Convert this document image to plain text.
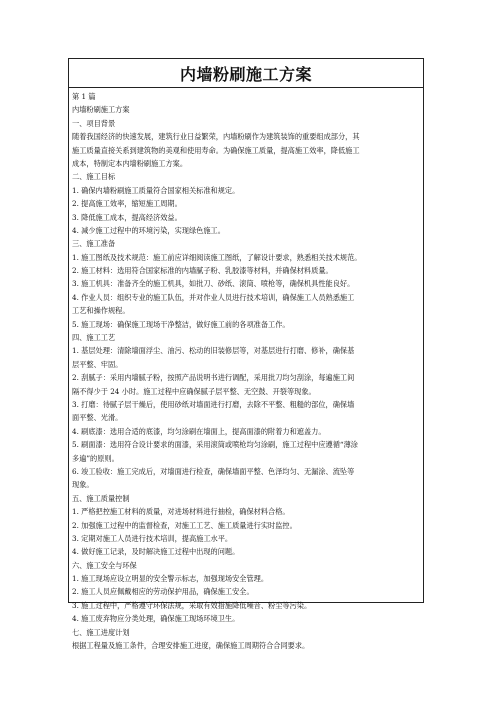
内墙粉刷施工方案

第 1 篇

内墙粉刷施工方案

一、项目背景

随着我国经济的快速发展，建筑行业日益繁荣，内墙粉刷作为建筑装饰的重要组成部分，其

施工质量直接关系到建筑物的美观和使用寿命。为确保施工质量，提高施工效率，降低施工

成本，特制定本内墙粉刷施工方案。

二、施工目标

1. 确保内墙粉刷施工质量符合国家相关标准和规定。

2. 提高施工效率，缩短施工周期。

3. 降低施工成本，提高经济效益。

4. 减少施工过程中的环境污染，实现绿色施工。

三、施工准备

1. 施工图纸及技术规范：施工前应详细阅读施工图纸，了解设计要求，熟悉相关技术规范。

2. 施工材料：选用符合国家标准的内墙腻子粉、乳胶漆等材料，并确保材料质量。

3. 施工机具：准备齐全的施工机具，如批刀、砂纸、滚筒、喷枪等，确保机具性能良好。

4. 作业人员：组织专业的施工队伍，并对作业人员进行技术培训，确保施工人员熟悉施工

工艺和操作规程。

5. 施工现场：确保施工现场干净整洁，做好施工前的各项准备工作。

四、施工工艺

1. 基层处理：清除墙面浮尘、油污、松动的旧装修层等，对基层进行打磨、修补，确保基

层平整、牢固。

2. 刮腻子：采用内墙腻子粉，按照产品说明书进行调配，采用批刀均匀刮涂，每遍施工间

隔不得少于 24 小时。施工过程中应确保腻子层平整、无空鼓、开裂等现象。

3. 打磨：待腻子层干燥后，使用砂纸对墙面进行打磨，去除不平整、粗糙的部位，确保墙

面平整、光滑。

4. 刷底漆：选用合适的底漆，均匀涂刷在墙面上，提高面漆的附着力和遮盖力。

5. 刷面漆：选用符合设计要求的面漆，采用滚筒或喷枪均匀涂刷，施工过程中应遵循“薄涂

多遍”的原则。

6. 竣工验收：施工完成后，对墙面进行检查，确保墙面平整、色泽均匀、无漏涂、流坠等

现象。

五、施工质量控制

1. 严格把控施工材料的质量，对进场材料进行抽检，确保材料合格。

2. 加强施工过程中的监督检查，对施工工艺、施工质量进行实时监控。

3. 定期对施工人员进行技术培训，提高施工水平。

4. 做好施工记录，及时解决施工过程中出现的问题。

六、施工安全与环保

1. 施工现场应设立明显的安全警示标志，加强现场安全管理。

2. 施工人员应佩戴相应的劳动保护用品，确保施工安全。

3. 施工过程中，严格遵守环保法规，采取有效措施降低噪音、粉尘等污染。

4. 施工废弃物应分类处理，确保施工现场环境卫生。

七、施工进度计划

根据工程量及施工条件，合理安排施工进度，确保施工周期符合合同要求。
